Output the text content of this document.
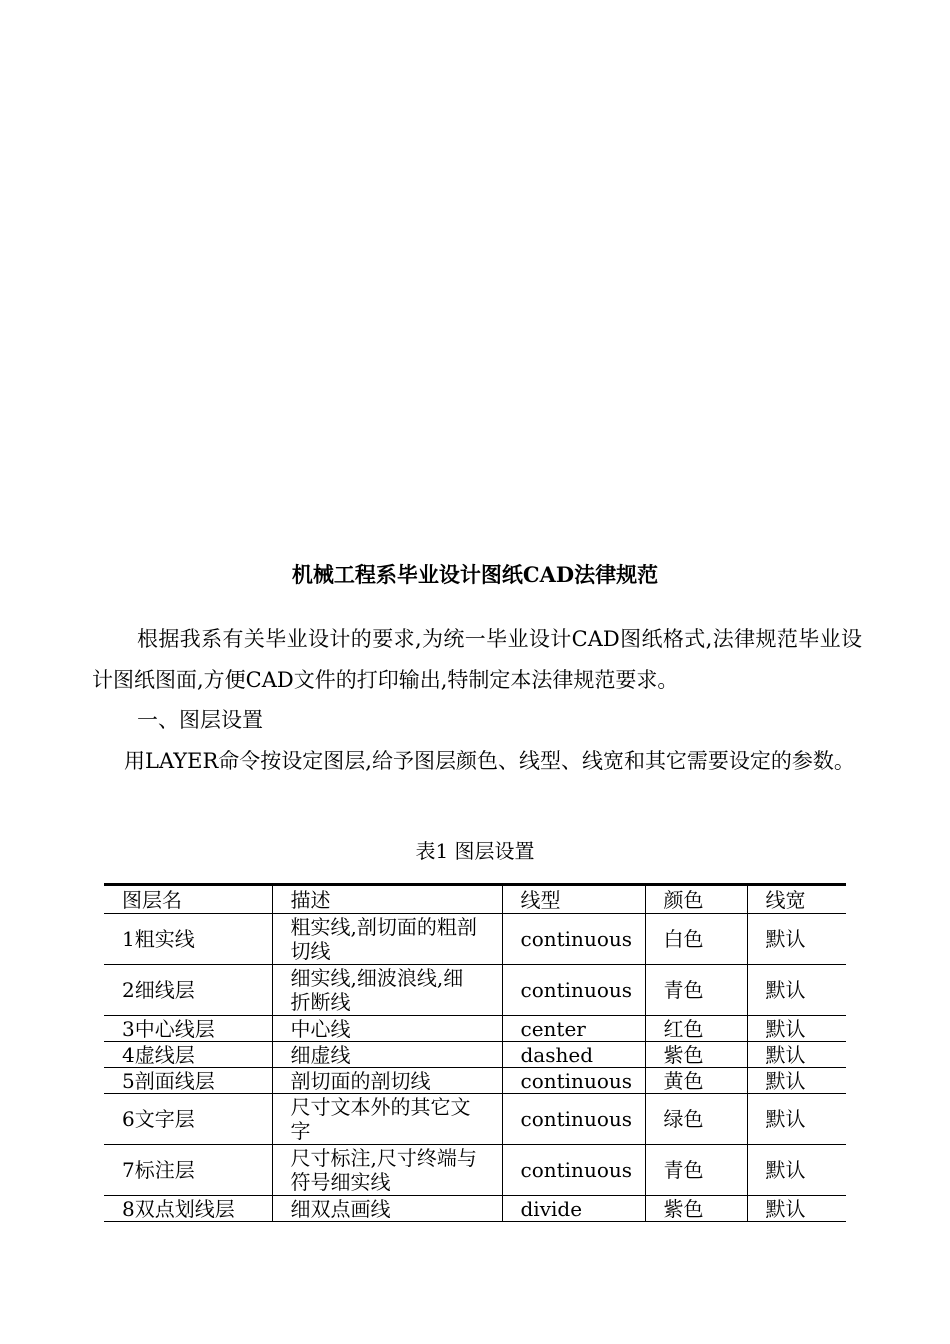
机械工程系毕业设计图纸CAD法律规范

根据我系有关毕业设计的要求,为统一毕业设计CAD图纸格式,法律规范毕业设计图纸图面,方便CAD文件的打印输出,特制定本法律规范要求。

一、图层设置

用LAYER命令按设定图层,给予图层颜色、线型、线宽和其它需要设定的参数。

表1 图层设置
图层名	描述	线型	颜色	线宽
1粗实线	粗实线,剖切面的粗剖切线	continuous	白色	默认
2细线层	细实线,细波浪线,细折断线	continuous	青色	默认
3中心线层	中心线	center	红色	默认
4虚线层	细虚线	dashed	紫色	默认
5剖面线层	剖切面的剖切线	continuous	黄色	默认
6文字层	尺寸文本外的其它文字	continuous	绿色	默认
7标注层	尺寸标注,尺寸终端与符号细实线	continuous	青色	默认
8双点划线层	细双点画线	divide	紫色	默认
